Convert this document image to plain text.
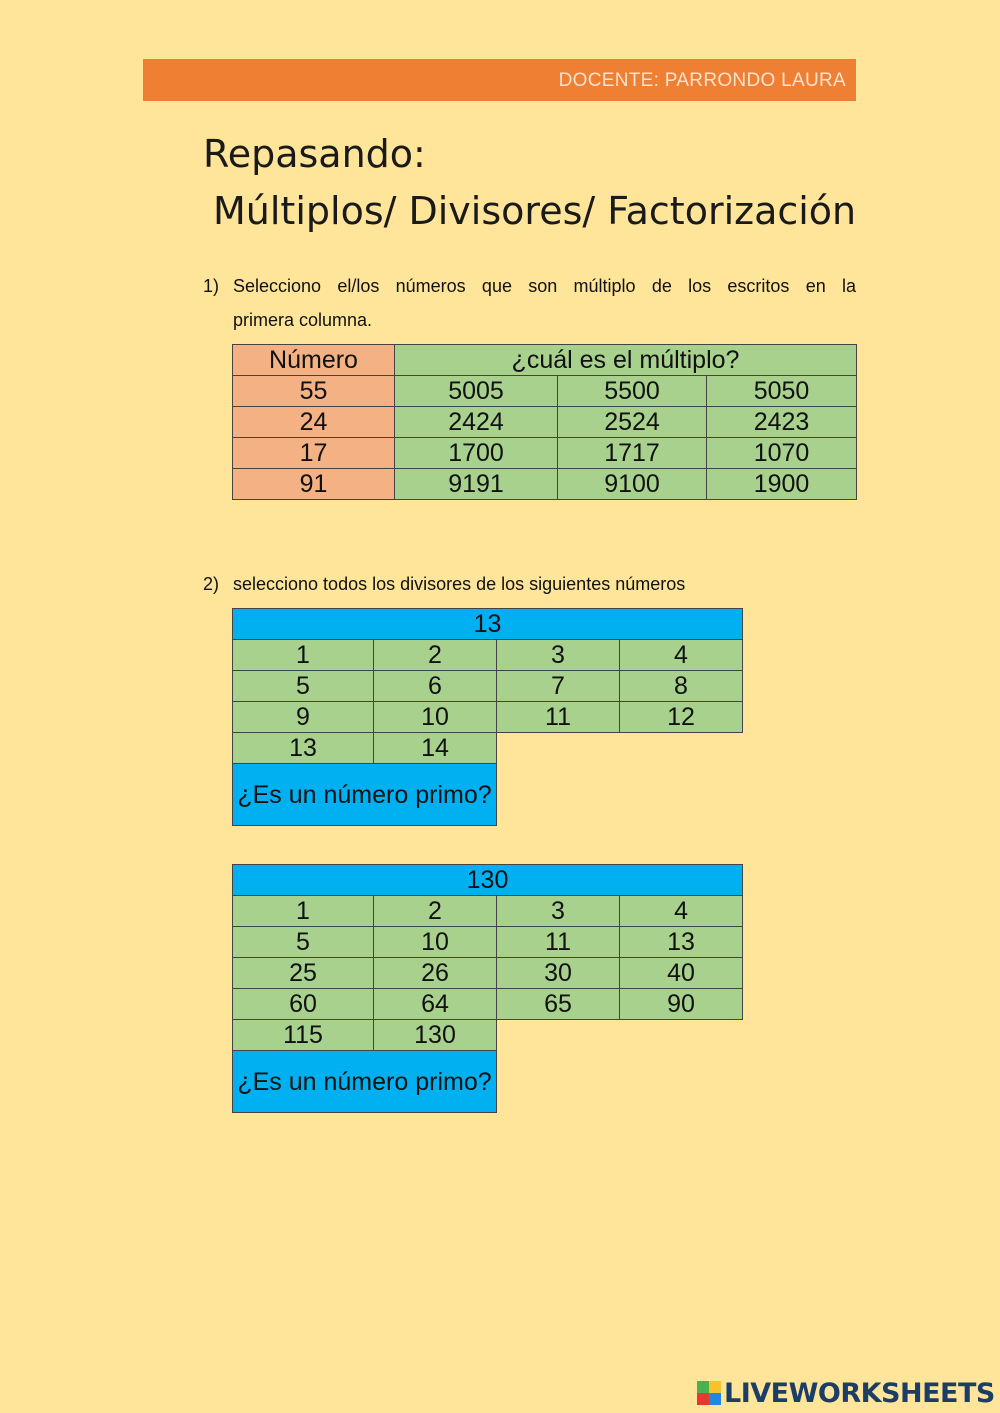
DOCENTE: PARRONDO LAURA
Repasando:
Múltiplos/ Divisores/ Factorización
1) Selecciono el/los números que son múltiplo de los escritos en la
primera columna.
Número	¿cuál es el múltiplo?		
55	5005	5500	5050
24	2424	2524	2423
17	1700	1717	1070
91	9191	9100	1900
2) selecciono todos los divisores de los siguientes números
13			
1	2	3	4
5	6	7	8
9	10	11	12
13	14		
¿Es un número primo?			
130			
1	2	3	4
5	10	11	13
25	26	30	40
60	64	65	90
115	130		
¿Es un número primo?			
LIVEWORKSHEETS
